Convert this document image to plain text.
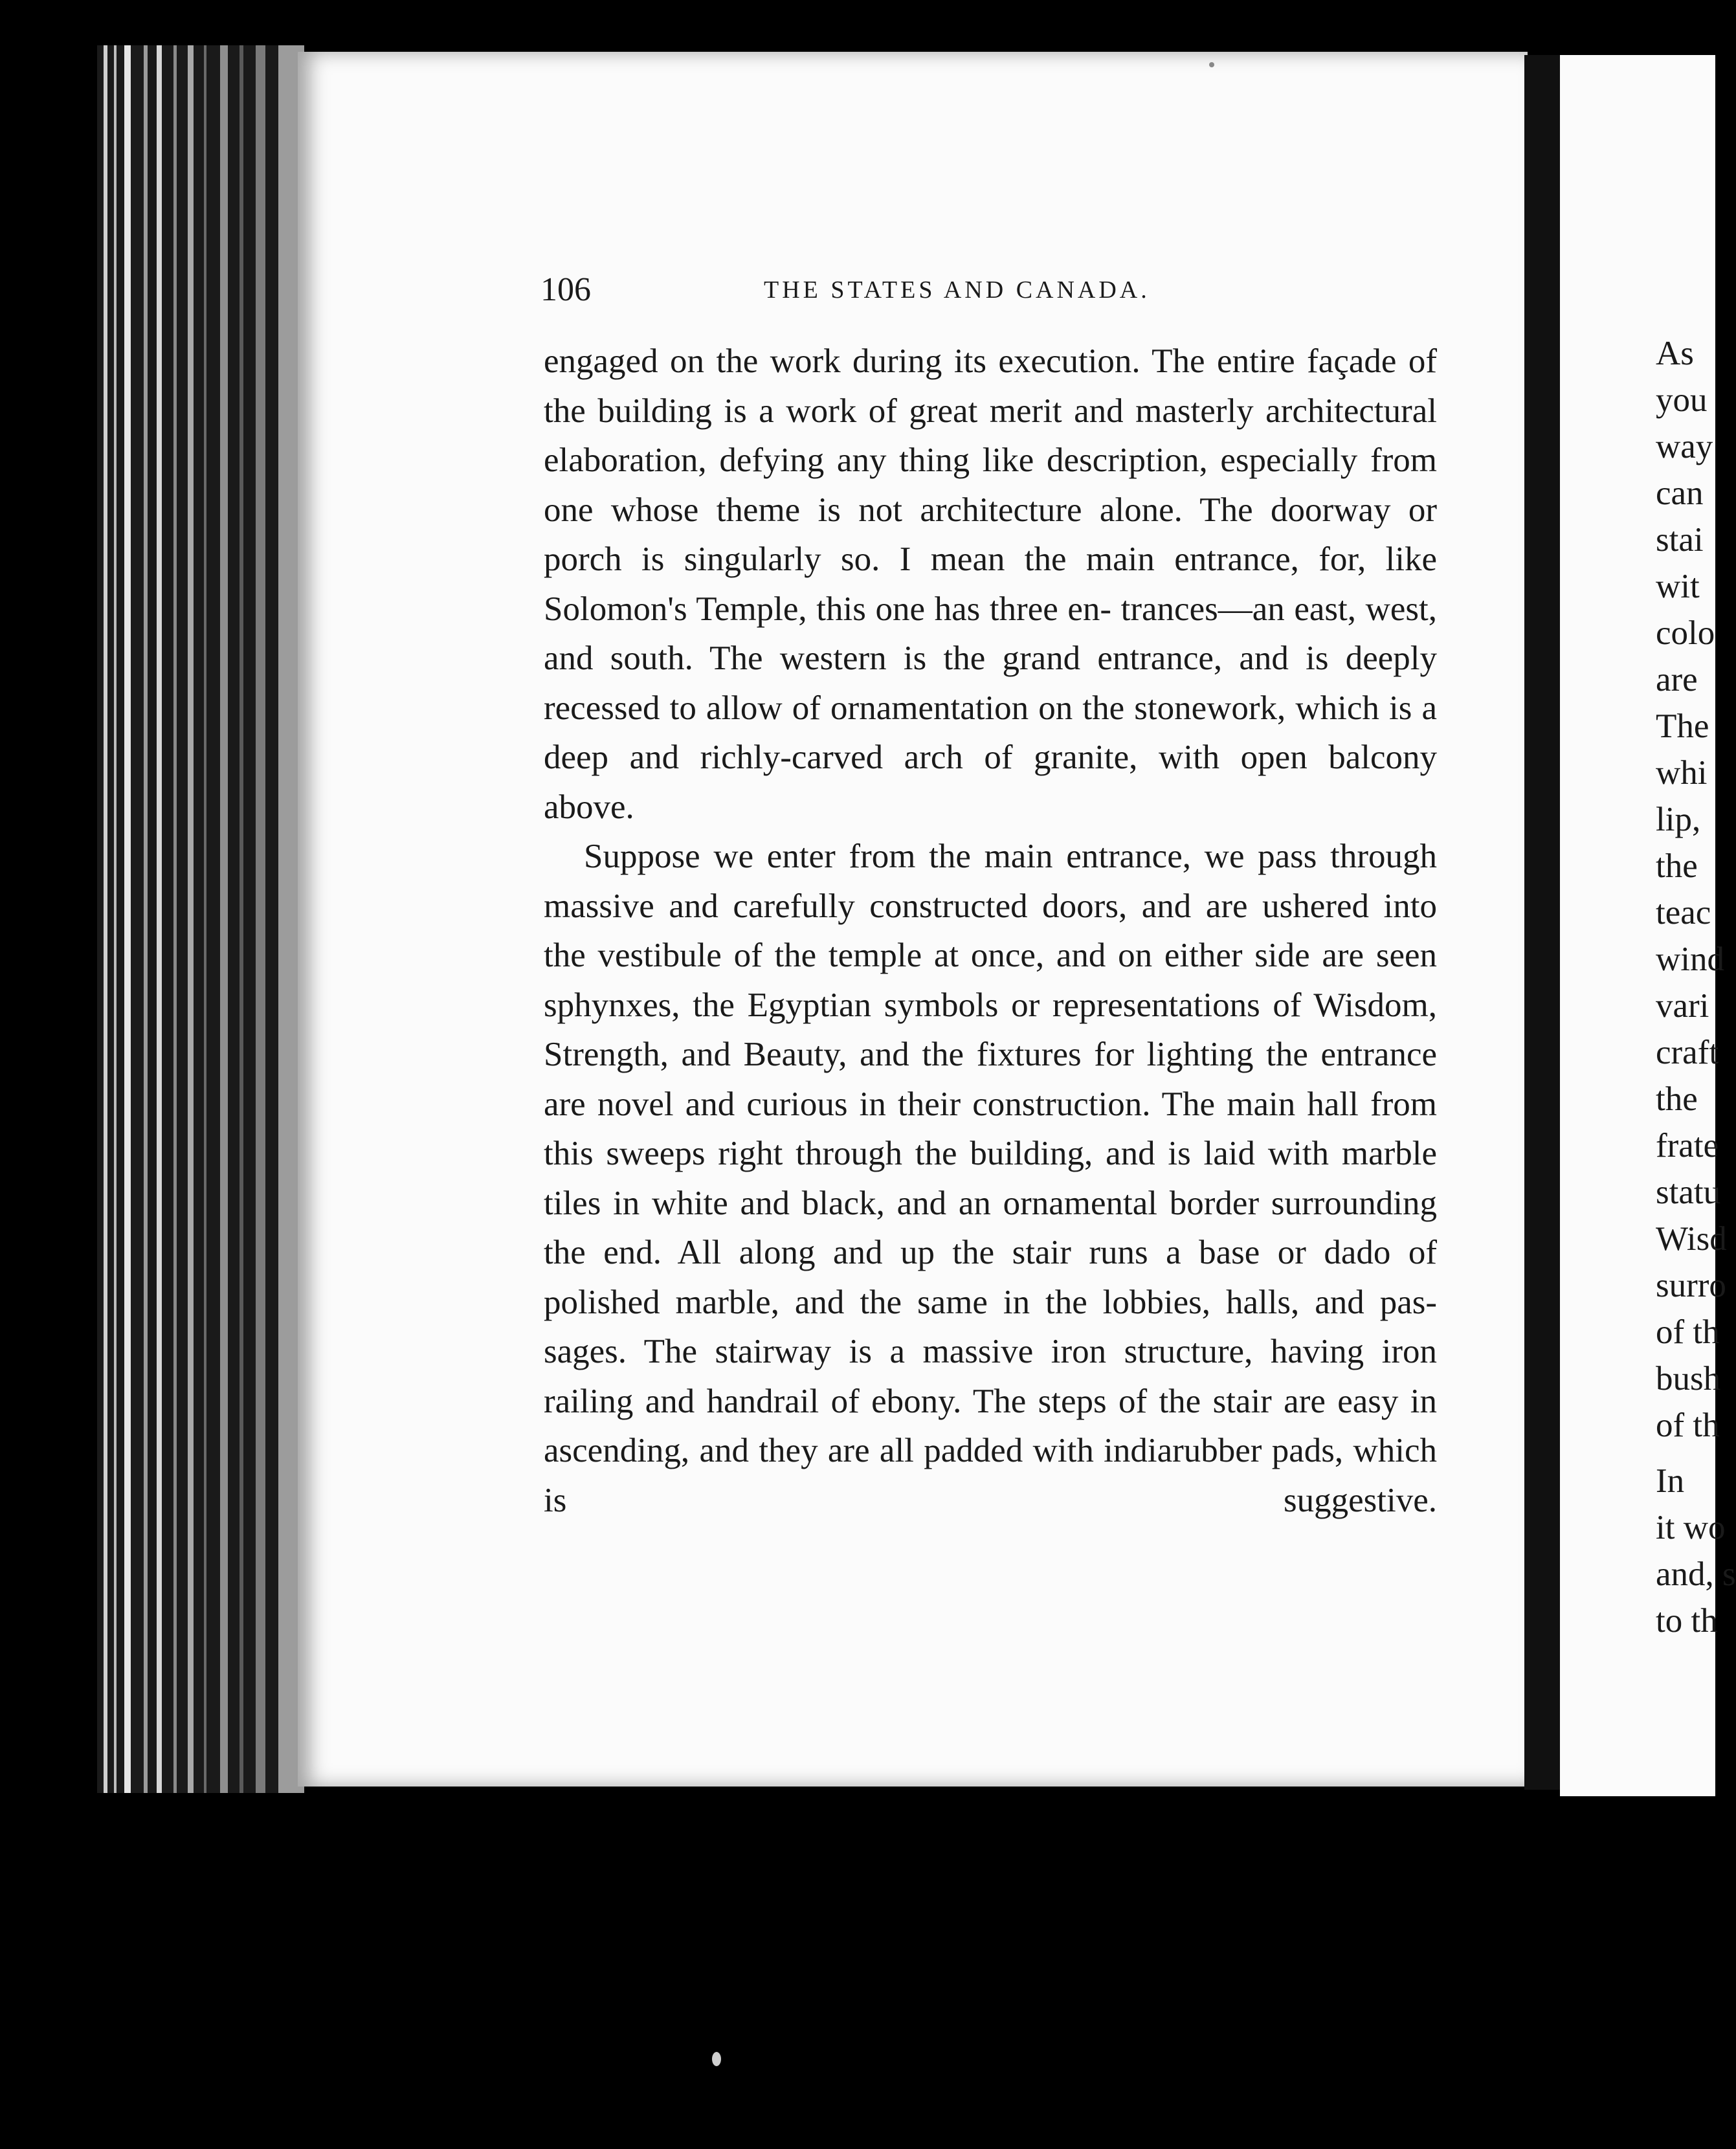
106	THE STATES AND CANADA.

engaged on the work during its execution. The entire façade of the building is a work of great merit and masterly architectural elaboration, defying any thing like description, especially from one whose theme is not architecture alone. The doorway or porch is singularly so. I mean the main entrance, for, like Solomon's Temple, this one has three en- trances—an east, west, and south. The western is the grand entrance, and is deeply recessed to allow of ornamentation on the stonework, which is a deep and richly-carved arch of granite, with open balcony

above.

Suppose we enter from the main entrance, we pass through massive and carefully constructed doors, and are ushered into the vestibule of the temple at once, and on either side are seen sphynxes, the Egyptian symbols or representations of Wisdom, Strength, and Beauty, and the fixtures for lighting the entrance are novel and curious in their construction. The main hall from this sweeps right through the building, and is laid with marble tiles in white and black, and an ornamental border surrounding the end. All along and up the stair runs a base or dado of polished marble, and the same in the lobbies, halls, and pas- sages. The stairway is a massive iron structure, having iron railing and handrail of ebony. The steps of the stair are easy in ascending, and they are all padded with indiarubber pads, which is suggestive.

As
you
way
can
stai
wit
colo
are
The
whi
lip,
the
teac
wind
vari
craft
the
frate
statu
Wisd
surro
of th
bush
of th
In
it wo
and, s
to th
